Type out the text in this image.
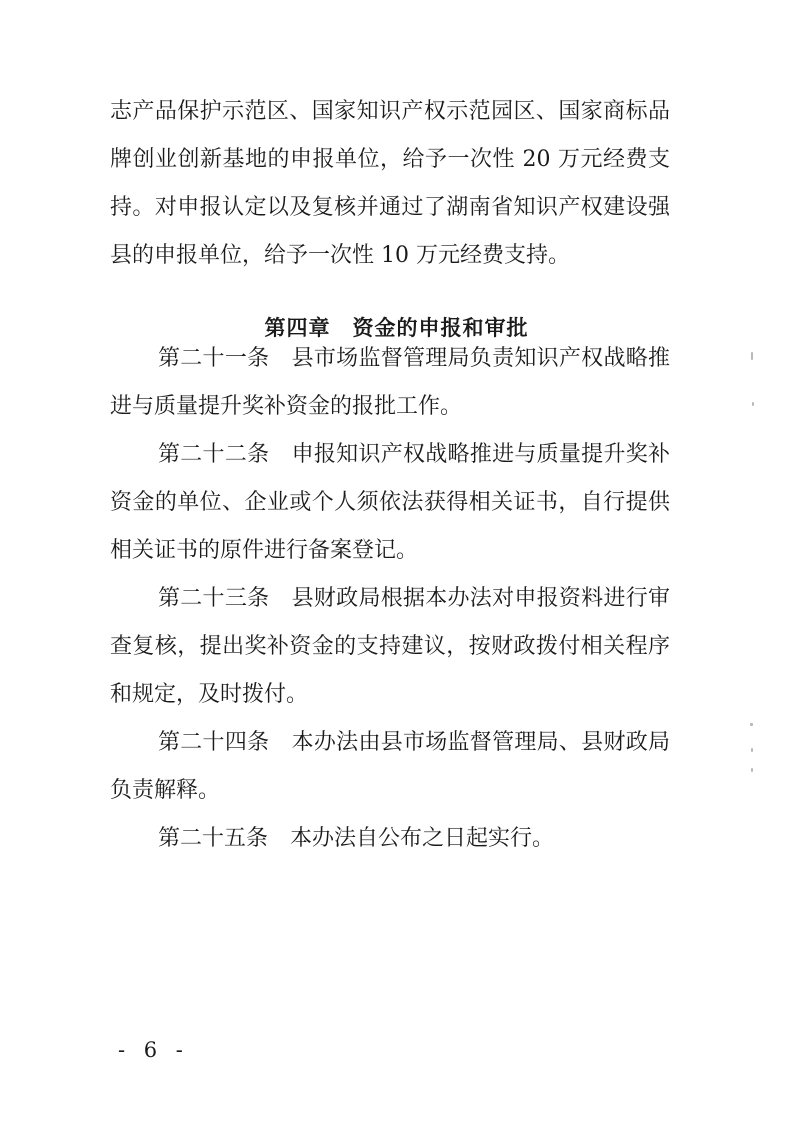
志产品保护示范区、国家知识产权示范园区、国家商标品

牌创业创新基地的申报单位，给予一次性 20 万元经费支

持。对申报认定以及复核并通过了湖南省知识产权建设强

县的申报单位，给予一次性 10 万元经费支持。

第四章　资金的申报和审批

第二十一条　县市场监督管理局负责知识产权战略推

进与质量提升奖补资金的报批工作。

第二十二条　申报知识产权战略推进与质量提升奖补

资金的单位、企业或个人须依法获得相关证书，自行提供

相关证书的原件进行备案登记。

第二十三条　县财政局根据本办法对申报资料进行审

查复核，提出奖补资金的支持建议，按财政拨付相关程序

和规定，及时拨付。

第二十四条　本办法由县市场监督管理局、县财政局

负责解释。

第二十五条　本办法自公布之日起实行。

- 6 -
